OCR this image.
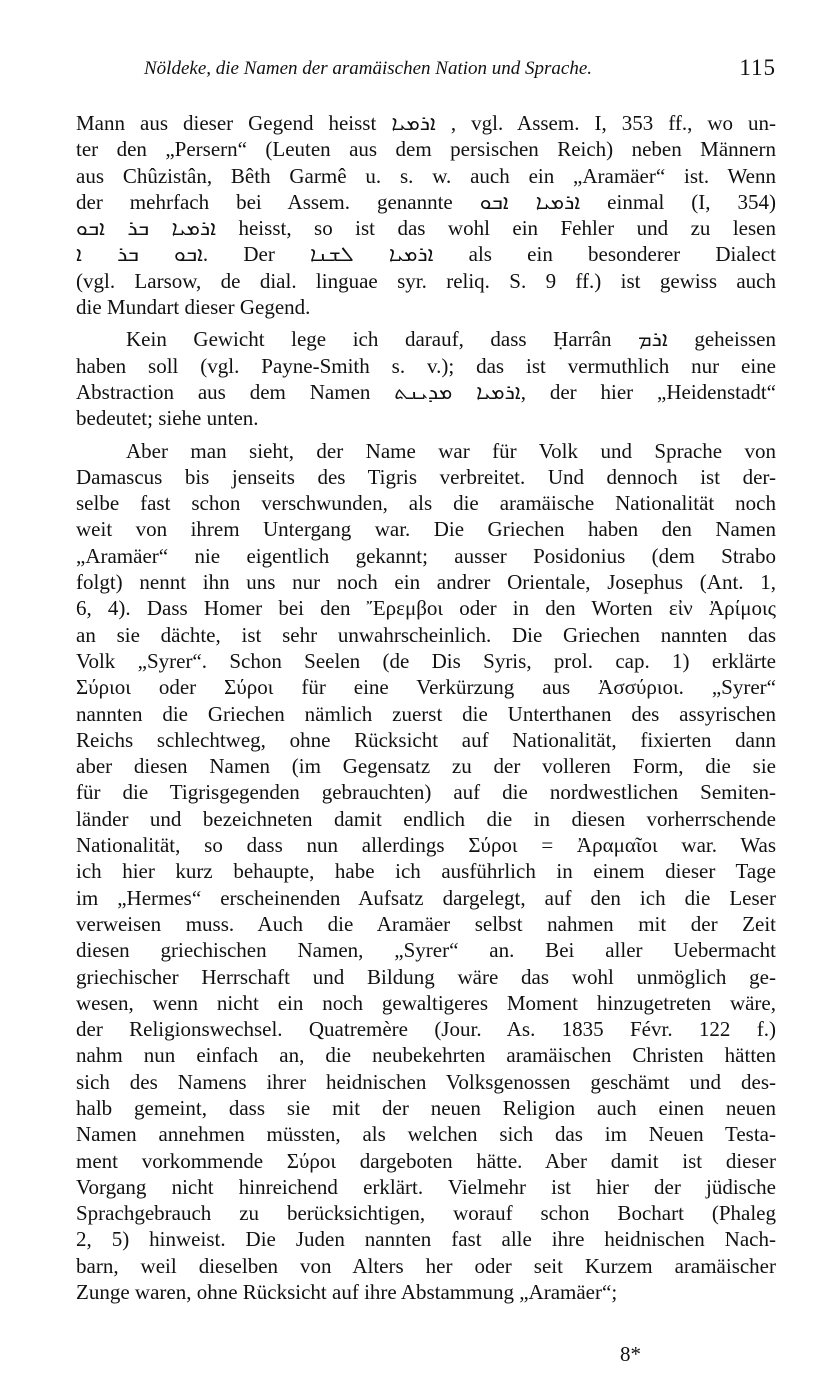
Nöldeke, die Namen der aramäischen Nation und Sprache.	115
Mann aus dieser Gegend heisst ܐܪܡܝܐ , vgl. Assem. I, 353 ff., wo un-
ter den „Persern“ (Leuten aus dem persischen Reich) neben Männern
aus Chûzistân, Bêth Garmê u. s. w. auch ein „Aramäer“ ist. Wenn
der mehrfach bei Assem. genannte ܐܪܡܝܐ ܐܒܘ einmal (I, 354)
ܐܪܡܝܐ ܒܪ ܐܒܘ heisst, so ist das wohl ein Fehler und zu lesen
ܐܒܘ ܒܪ ܐ. Der ܐܪܡܝܐ ܠܫܢܐ als ein besonderer Dialect
(vgl. Larsow, de dial. linguae syr. reliq. S. 9 ff.) ist gewiss auch
die Mundart dieser Gegend.
Kein Gewicht lege ich darauf, dass Ḥarrân ܐܪܡ geheissen
haben soll (vgl. Payne-Smith s. v.); das ist vermuthlich nur eine
Abstraction aus dem Namen ܐܪܡܝܐ ܡܕܝܢܬ, der hier „Heidenstadt“
bedeutet; siehe unten.
Aber man sieht, der Name war für Volk und Sprache von
Damascus bis jenseits des Tigris verbreitet. Und dennoch ist der-
selbe fast schon verschwunden, als die aramäische Nationalität noch
weit von ihrem Untergang war. Die Griechen haben den Namen
„Aramäer“ nie eigentlich gekannt; ausser Posidonius (dem Strabo
folgt) nennt ihn uns nur noch ein andrer Orientale, Josephus (Ant. 1,
6, 4). Dass Homer bei den Ἔρεμβοι oder in den Worten εἰν Ἀρίμοις
an sie dächte, ist sehr unwahrscheinlich. Die Griechen nannten das
Volk „Syrer“. Schon Seelen (de Dis Syris, prol. cap. 1) erklärte
Σύριοι oder Σύροι für eine Verkürzung aus Ἀσσύριοι. „Syrer“
nannten die Griechen nämlich zuerst die Unterthanen des assyrischen
Reichs schlechtweg, ohne Rücksicht auf Nationalität, fixierten dann
aber diesen Namen (im Gegensatz zu der volleren Form, die sie
für die Tigrisgegenden gebrauchten) auf die nordwestlichen Semiten-
länder und bezeichneten damit endlich die in diesen vorherrschende
Nationalität, so dass nun allerdings Σύροι = Ἀραμαῖοι war. Was
ich hier kurz behaupte, habe ich ausführlich in einem dieser Tage
im „Hermes“ erscheinenden Aufsatz dargelegt, auf den ich die Leser
verweisen muss. Auch die Aramäer selbst nahmen mit der Zeit
diesen griechischen Namen, „Syrer“ an. Bei aller Uebermacht
griechischer Herrschaft und Bildung wäre das wohl unmöglich ge-
wesen, wenn nicht ein noch gewaltigeres Moment hinzugetreten wäre,
der Religionswechsel. Quatremère (Jour. As. 1835 Févr. 122 f.)
nahm nun einfach an, die neubekehrten aramäischen Christen hätten
sich des Namens ihrer heidnischen Volksgenossen geschämt und des-
halb gemeint, dass sie mit der neuen Religion auch einen neuen
Namen annehmen müssten, als welchen sich das im Neuen Testa-
ment vorkommende Σύροι dargeboten hätte. Aber damit ist dieser
Vorgang nicht hinreichend erklärt. Vielmehr ist hier der jüdische
Sprachgebrauch zu berücksichtigen, worauf schon Bochart (Phaleg
2, 5) hinweist. Die Juden nannten fast alle ihre heidnischen Nach-
barn, weil dieselben von Alters her oder seit Kurzem aramäischer
Zunge waren, ohne Rücksicht auf ihre Abstammung „Aramäer“;
8*
